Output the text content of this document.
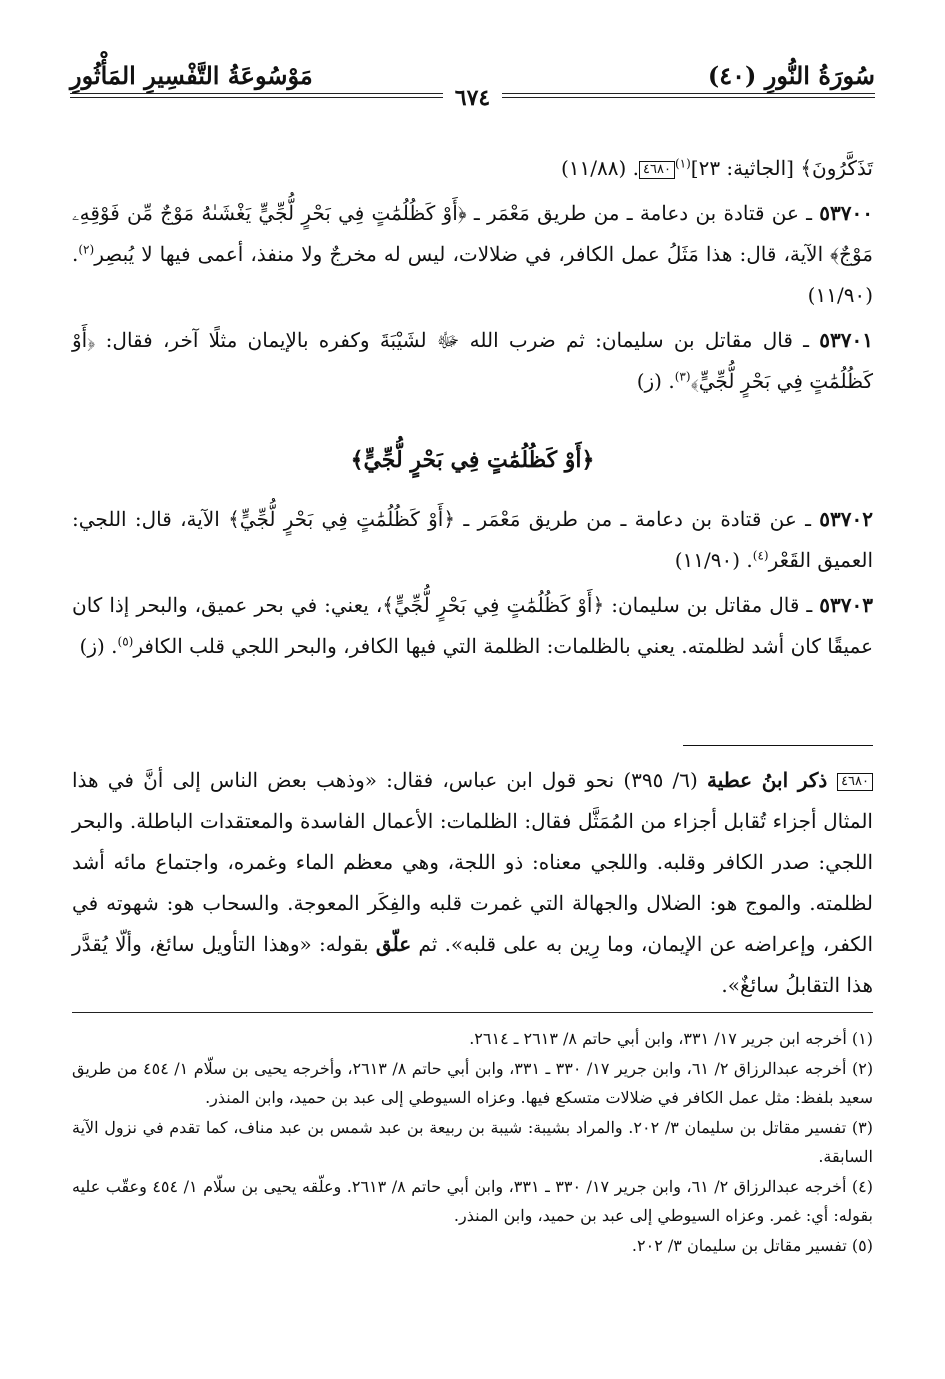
سُورَةُ النُّورِ (٤٠)
مَوْسُوعَةُ التَّفْسِيرِ المَأْثُورِ
٦٧٤

تَذَكَّرُونَ﴾ [الجاثية: ٢٣]$^{(١)}$٤٦٨٠. (١١/٨٨)

٥٣٧٠٠ ـ عن قتادة بن دعامة ـ من طريق مَعْمَر ـ ﴿أَوْ كَظُلُمَٰتٍ فِي بَحْرٍ لُّجِّيٍّ يَغْشَىٰهُ مَوْجٌ مِّن فَوْقِهِۦ مَوْجٌ﴾ الآية، قال: هذا مَثَلُ عمل الكافر، في ضلالات، ليس له مخرجٌ ولا منفذ، أعمى فيها لا يُبصِر$^{(٢)}$. (١١/٩٠)

٥٣٧٠١ ـ قال مقاتل بن سليمان: ثم ضرب الله ﷻ لشَيْبَةَ وكفره بالإيمان مثلًا آخر، فقال: ﴿أَوْ كَظُلُمَٰتٍ فِي بَحْرٍ لُّجِّيٍّ﴾$^{(٣)}$. (ز)

﴿أَوْ كَظُلُمَٰتٍ فِي بَحْرٍ لُّجِّيٍّ﴾

٥٣٧٠٢ ـ عن قتادة بن دعامة ـ من طريق مَعْمَر ـ ﴿أَوْ كَظُلُمَٰتٍ فِي بَحْرٍ لُّجِّيٍّ﴾ الآية، قال: اللجي: العميق القَعْر$^{(٤)}$. (١١/٩٠)

٥٣٧٠٣ ـ قال مقاتل بن سليمان: ﴿أَوْ كَظُلُمَٰتٍ فِي بَحْرٍ لُّجِّيٍّ﴾، يعني: في بحر عميق، والبحر إذا كان عميقًا كان أشد لظلمته. يعني بالظلمات: الظلمة التي فيها الكافر، والبحر اللجي قلب الكافر$^{(٥)}$. (ز)

٤٦٨٠ ذكر ابنُ عطية (٦/ ٣٩٥) نحو قول ابن عباس، فقال: «وذهب بعض الناس إلى أنَّ في هذا المثال أجزاء تُقابل أجزاء من المُمَثَّل فقال: الظلمات: الأعمال الفاسدة والمعتقدات الباطلة. والبحر اللجي: صدر الكافر وقلبه. واللجي معناه: ذو اللجة، وهي معظم الماء وغمره، واجتماع مائه أشد لظلمته. والموج هو: الضلال والجهالة التي غمرت قلبه والفِكَر المعوجة. والسحاب هو: شهوته في الكفر، وإعراضه عن الإيمان، وما رِين به على قلبه». ثم علّق بقوله: «وهذا التأويل سائغ، وألّا يُقدَّر هذا التقابلُ سائغٌ».

(١) أخرجه ابن جرير ١٧/ ٣٣١، وابن أبي حاتم ٨/ ٢٦١٣ ـ ٢٦١٤.

(٢) أخرجه عبدالرزاق ٢/ ٦١، وابن جرير ١٧/ ٣٣٠ ـ ٣٣١، وابن أبي حاتم ٨/ ٢٦١٣، وأخرجه يحيى بن سلّام ١/ ٤٥٤ من طريق سعيد بلفظ: مثل عمل الكافر في ضلالات متسكع فيها. وعزاه السيوطي إلى عبد بن حميد، وابن المنذر.

(٣) تفسير مقاتل بن سليمان ٣/ ٢٠٢. والمراد بشيبة: شيبة بن ربيعة بن عبد شمس بن عبد مناف، كما تقدم في نزول الآية السابقة.

(٤) أخرجه عبدالرزاق ٢/ ٦١، وابن جرير ١٧/ ٣٣٠ ـ ٣٣١، وابن أبي حاتم ٨/ ٢٦١٣. وعلّقه يحيى بن سلّام ١/ ٤٥٤ وعقّب عليه بقوله: أي: غمر. وعزاه السيوطي إلى عبد بن حميد، وابن المنذر.

(٥) تفسير مقاتل بن سليمان ٣/ ٢٠٢.
